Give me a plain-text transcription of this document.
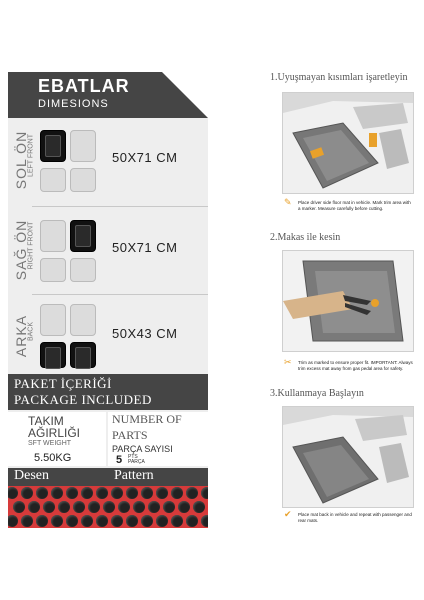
EBATLAR
DIMESIONS
SOL ÖN
LEFT FRONT	50X71 CM
SAĞ ÖN
RIGHT FRONT	50X71 CM
ARKA
BACK	50X43 CM
PAKET İÇERİĞİ
PACKAGE INCLUDED
TAKIM
AĞIRLIĞI
SFT WEIGHT
5.50KG
NUMBER OF
PARTS
PARÇA SAYISI
5 PTS
PARÇA
Desen	Pattern
1.Uyuşmayan kısımları işaretleyin
✎	Place driver side floor mat in vehicle. Mark trim area with a marker. Measure carefully before cutting.
2.Makas ile kesin
✂	Trim as marked to ensure proper fit. IMPORTANT: Always trim excess mat away from gas pedal area for safety.
3.Kullanmaya Başlayın
✔	Place mat back in vehicle and repeat with passenger and rear mats.
